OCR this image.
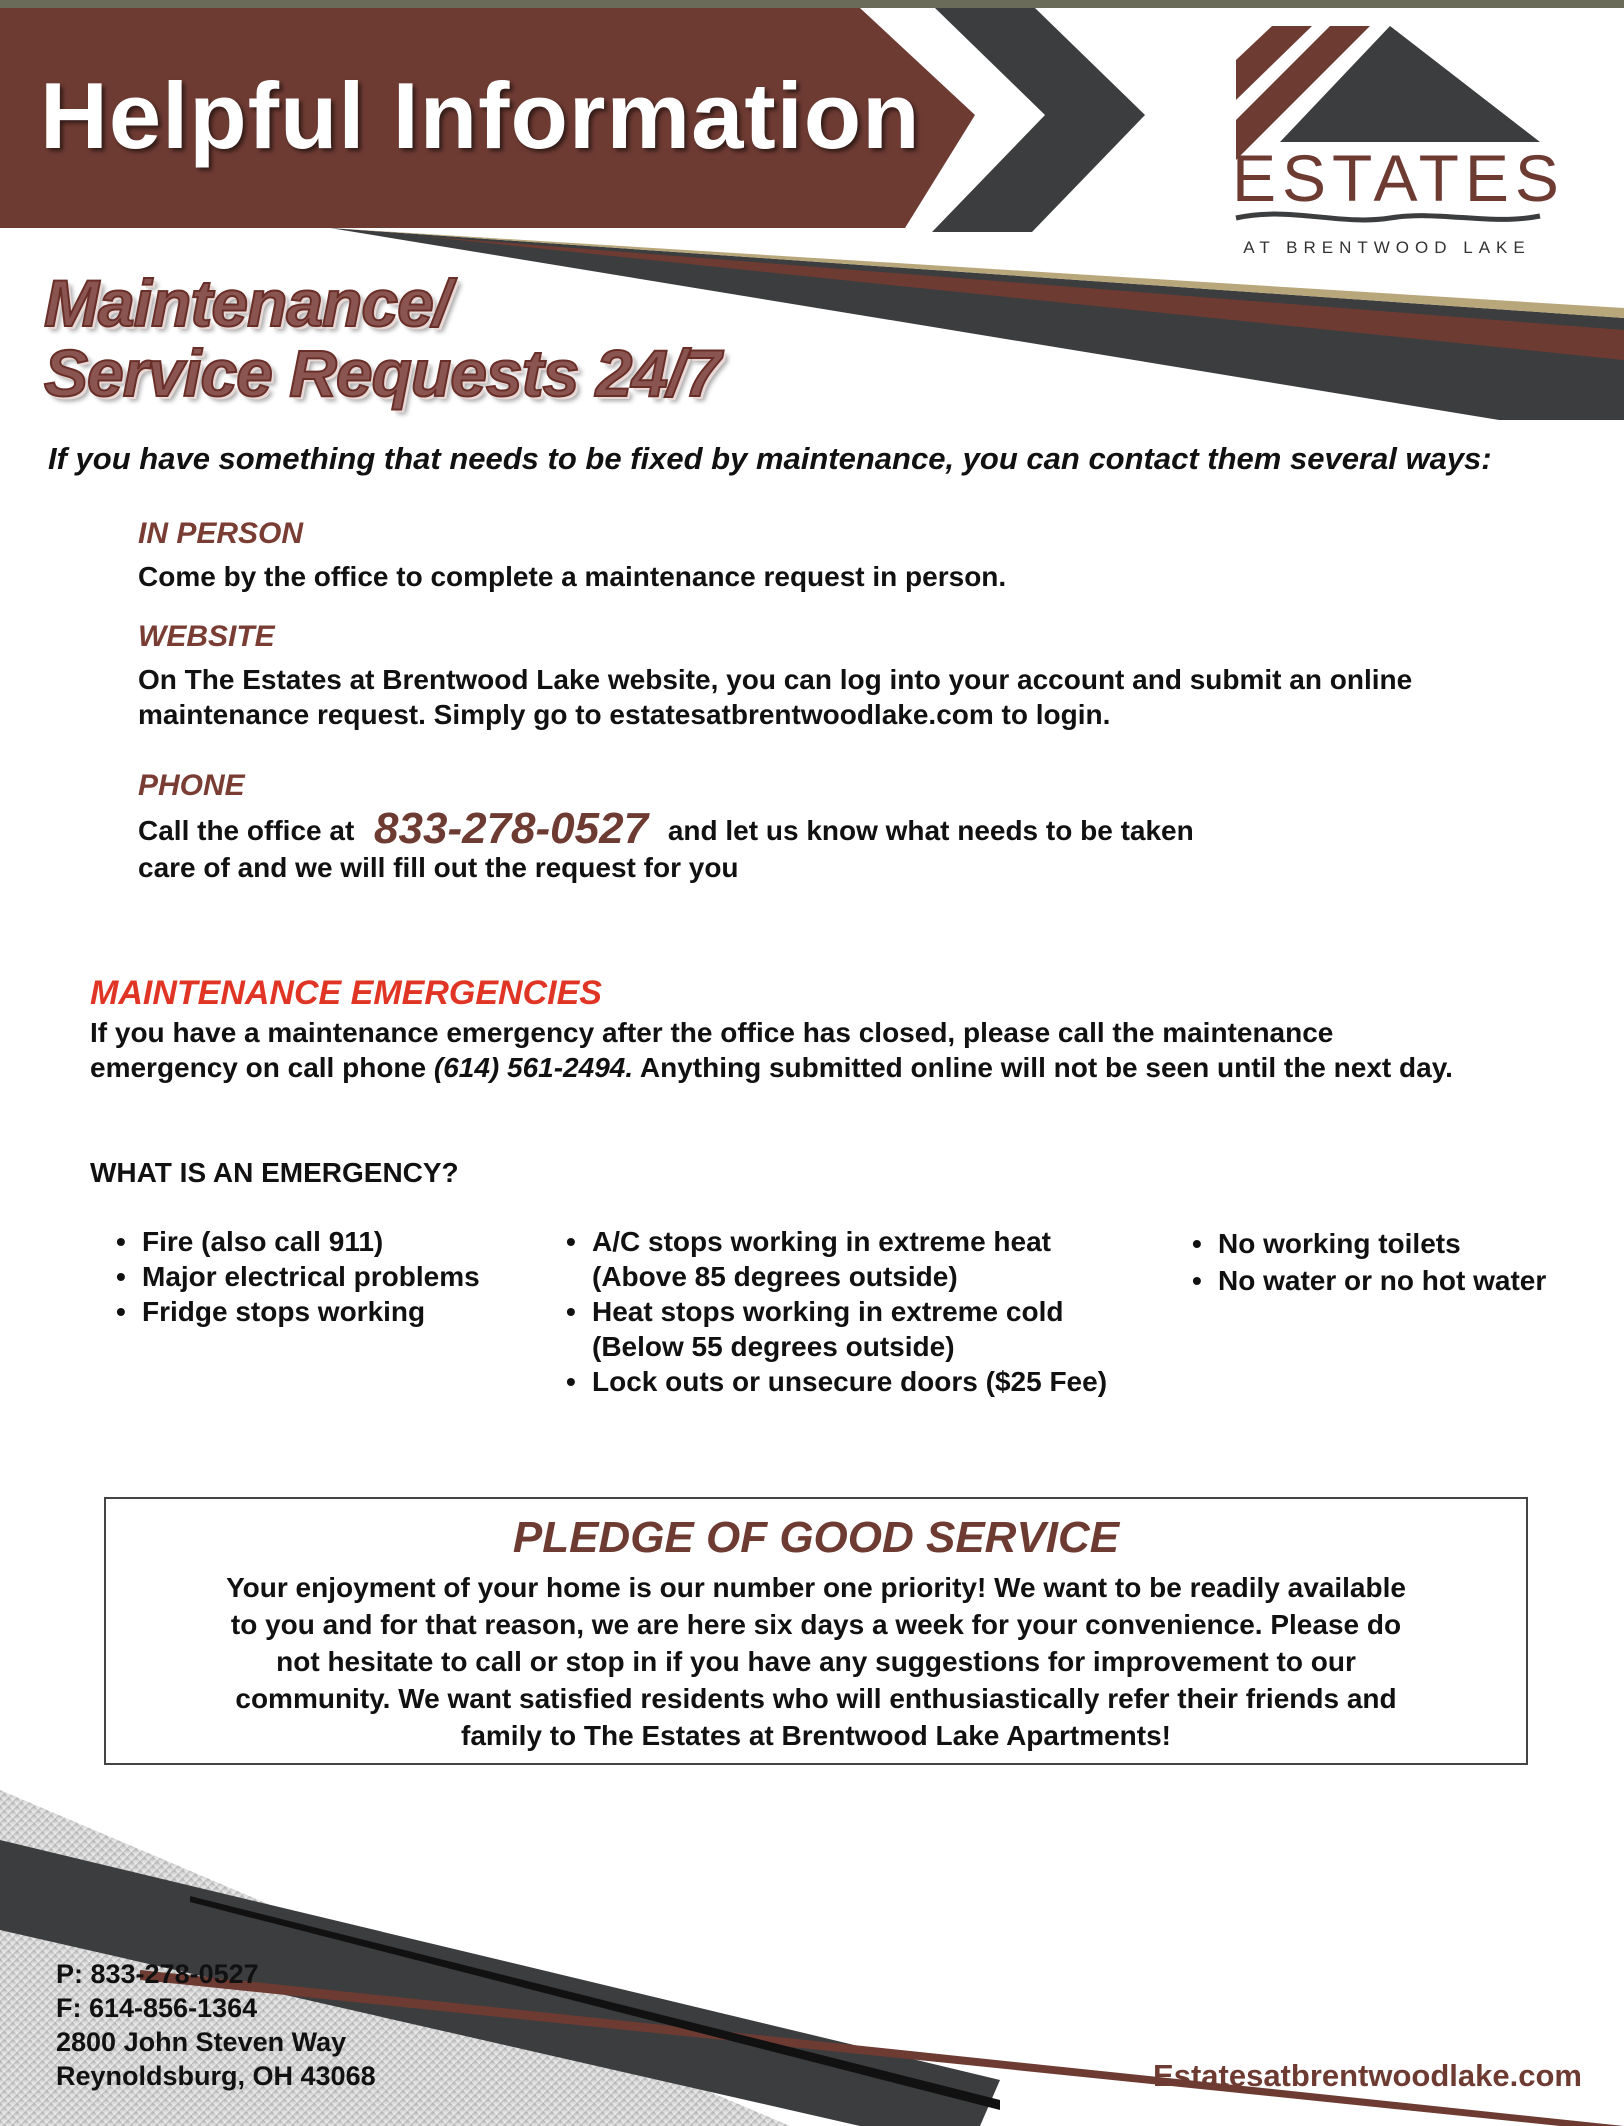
Helpful Information
ESTATES
AT BRENTWOOD LAKE
Maintenance/
Service Requests 24/7
If you have something that needs to be fixed by maintenance, you can contact them several ways:
IN PERSON
Come by the office to complete a maintenance request in person.
WEBSITE
On The Estates at Brentwood Lake website, you can log into your account and submit an online
maintenance request. Simply go to estatesatbrentwoodlake.com to login.
PHONE
Call the office at 833-278-0527 and let us know what needs to be taken
care of and we will fill out the request for you
MAINTENANCE EMERGENCIES
If you have a maintenance emergency after the office has closed, please call the maintenance
emergency on call phone (614) 561-2494. Anything submitted online will not be seen until the next day.
WHAT IS AN EMERGENCY?
• Fire (also call 911)
• Major electrical problems
• Fridge stops working
• A/C stops working in extreme heat
(Above 85 degrees outside)
• Heat stops working in extreme cold
(Below 55 degrees outside)
• Lock outs or unsecure doors ($25 Fee)
• No working toilets
• No water or no hot water
PLEDGE OF GOOD SERVICE
Your enjoyment of your home is our number one priority! We want to be readily available
to you and for that reason, we are here six days a week for your convenience. Please do
not hesitate to call or stop in if you have any suggestions for improvement to our
community. We want satisfied residents who will enthusiastically refer their friends and
family to The Estates at Brentwood Lake Apartments!
P: 833-278-0527
F: 614-856-1364
2800 John Steven Way
Reynoldsburg, OH 43068	Estatesatbrentwoodlake.com
